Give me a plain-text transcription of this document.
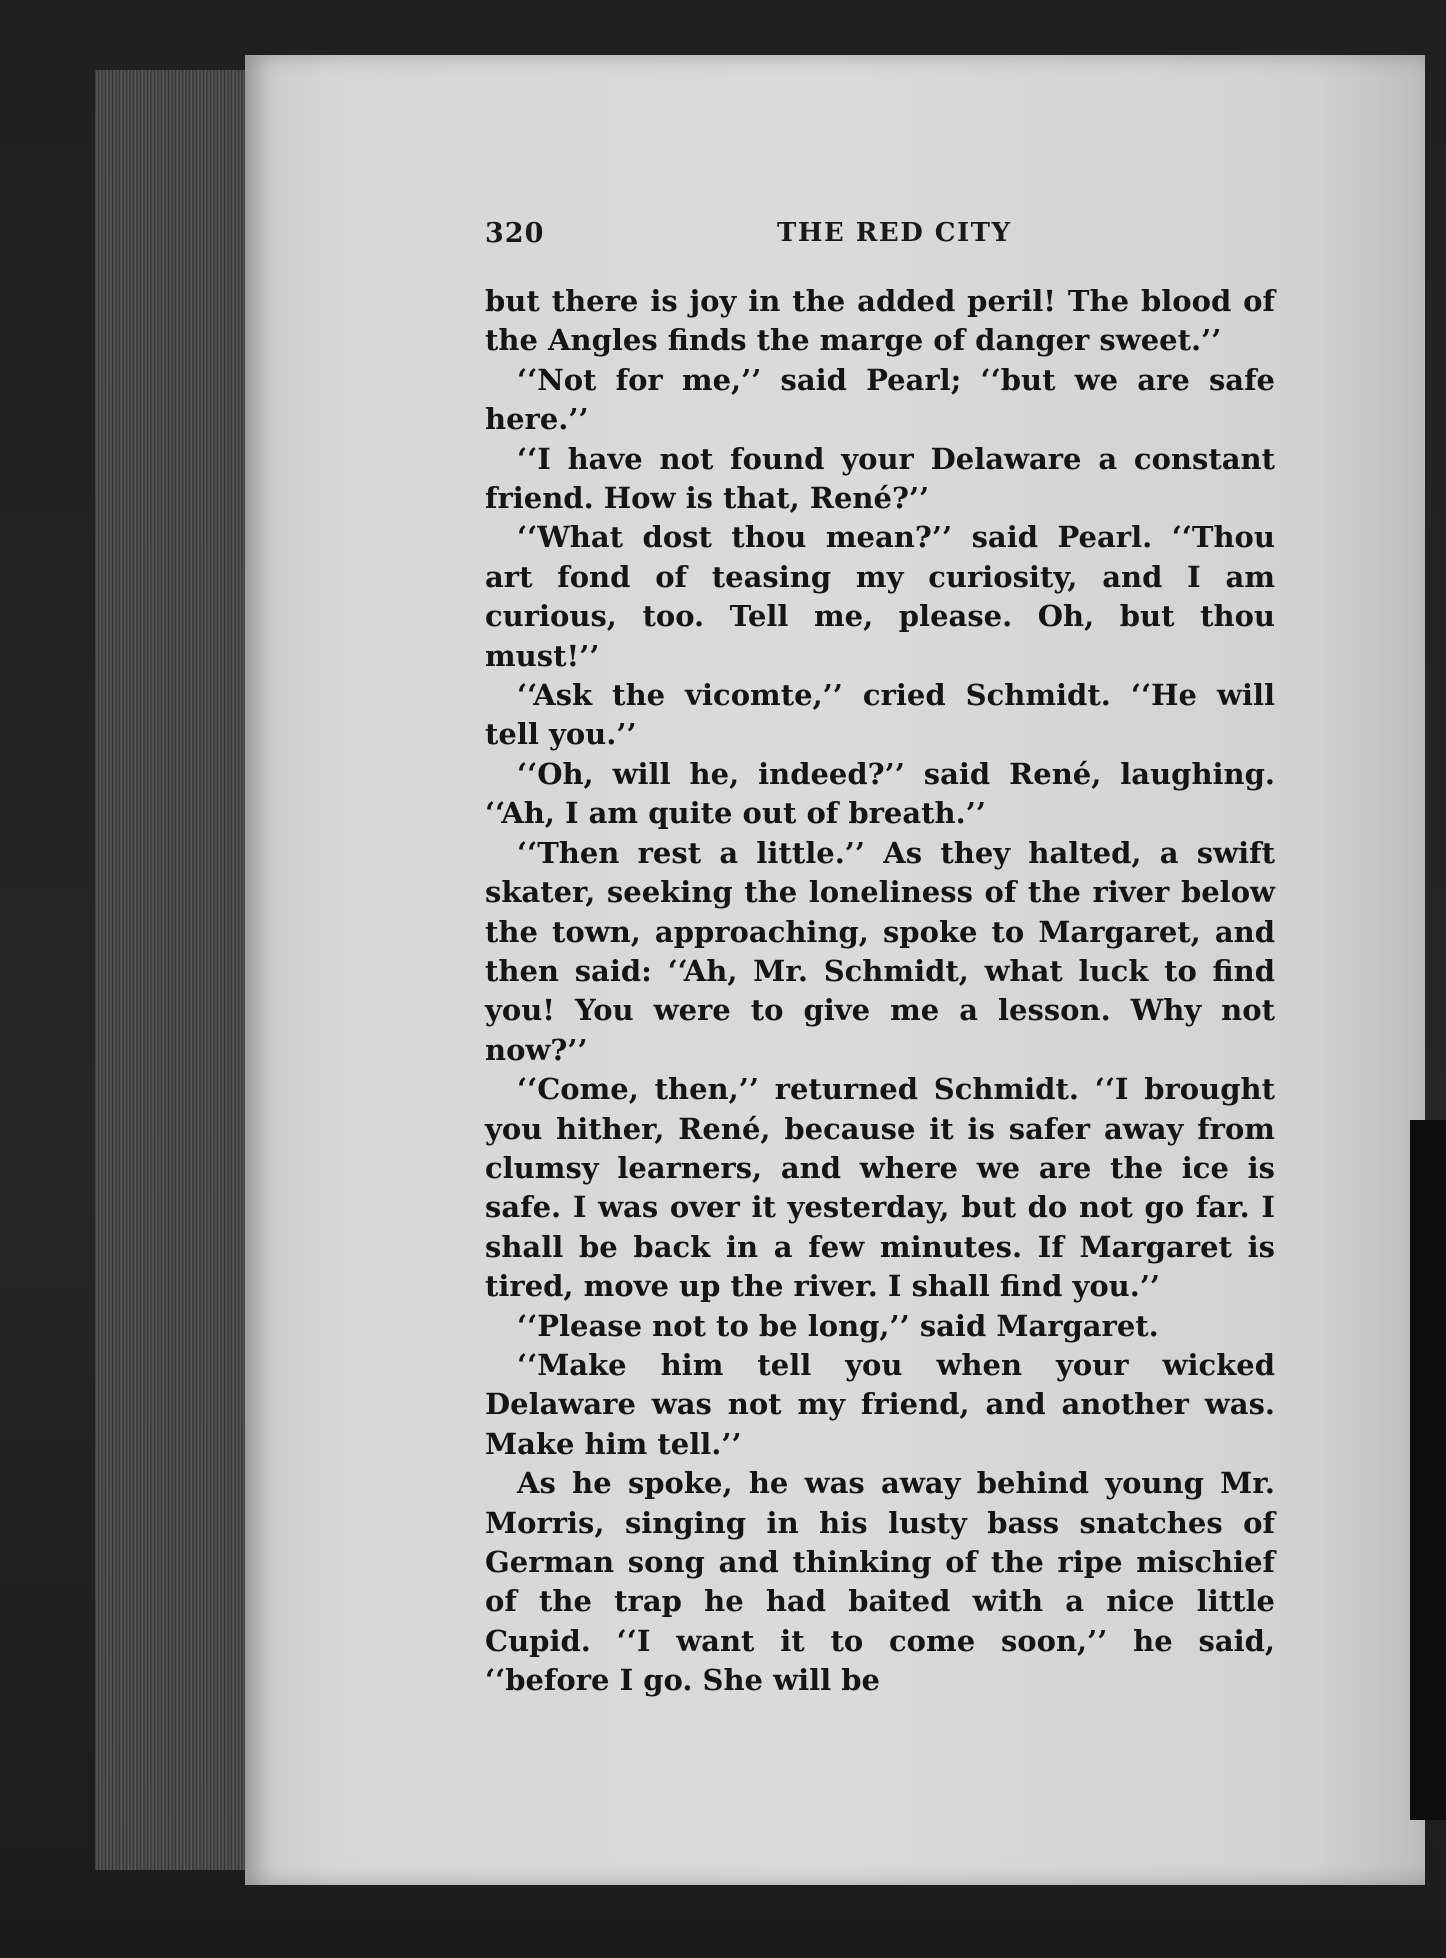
320	THE RED CITY

but there is joy in the added peril! The blood of the Angles finds the marge of danger sweet.’’

‘‘Not for me,’’ said Pearl; ‘‘but we are safe here.’’

‘‘I have not found your Delaware a constant friend. How is that, René?’’

‘‘What dost thou mean?’’ said Pearl. ‘‘Thou art fond of teasing my curiosity, and I am curious, too. Tell me, please. Oh, but thou must!’’

‘‘Ask the vicomte,’’ cried Schmidt. ‘‘He will tell you.’’

‘‘Oh, will he, indeed?’’ said René, laughing. ‘‘Ah, I am quite out of breath.’’

‘‘Then rest a little.’’ As they halted, a swift skater, seeking the loneliness of the river below the town, approaching, spoke to Margaret, and then said: ‘‘Ah, Mr. Schmidt, what luck to find you! You were to give me a lesson. Why not now?’’

‘‘Come, then,’’ returned Schmidt. ‘‘I brought you hither, René, because it is safer away from clumsy learners, and where we are the ice is safe. I was over it yesterday, but do not go far. I shall be back in a few minutes. If Margaret is tired, move up the river. I shall find you.’’

‘‘Please not to be long,’’ said Margaret.

‘‘Make him tell you when your wicked Delaware was not my friend, and another was. Make him tell.’’

As he spoke, he was away behind young Mr. Morris, singing in his lusty bass snatches of German song and thinking of the ripe mischief of the trap he had baited with a nice little Cupid. ‘‘I want it to come soon,’’ he said, ‘‘before I go. She will be
